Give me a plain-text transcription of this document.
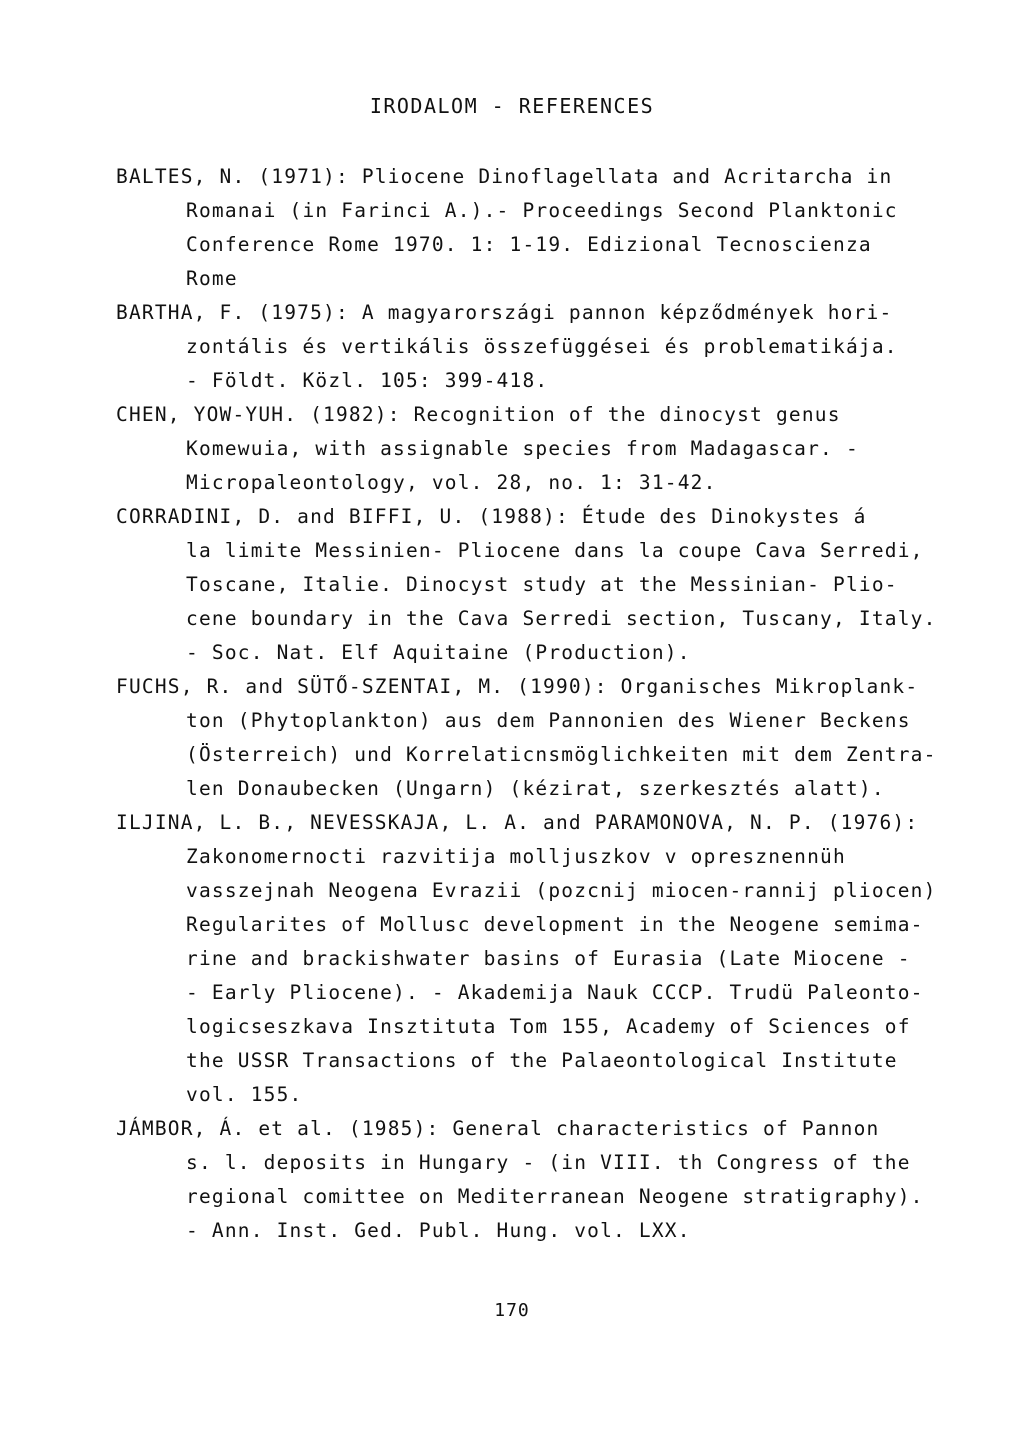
IRODALOM - REFERENCES
BALTES, N. (1971): Pliocene Dinoflagellata and Acritarcha in
Romanai (in Farinci A.).- Proceedings Second Planktonic
Conference Rome 1970. 1: 1-19. Edizional Tecnoscienza
Rome
BARTHA, F. (1975): A magyarországi pannon képződmények hori-
zontális és vertikális összefüggései és problematikája.
- Földt. Közl. 105: 399-418.
CHEN, YOW-YUH. (1982): Recognition of the dinocyst genus
Komewuia, with assignable species from Madagascar. -
Micropaleontology, vol. 28, no. 1: 31-42.
CORRADINI, D. and BIFFI, U. (1988): Étude des Dinokystes á
la limite Messinien- Pliocene dans la coupe Cava Serredi,
Toscane, Italie. Dinocyst study at the Messinian- Plio-
cene boundary in the Cava Serredi section, Tuscany, Italy.
- Soc. Nat. Elf Aquitaine (Production).
FUCHS, R. and SÜTŐ-SZENTAI, M. (1990): Organisches Mikroplank-
ton (Phytoplankton) aus dem Pannonien des Wiener Beckens
(Österreich) und Korrelaticnsmöglichkeiten mit dem Zentra-
len Donaubecken (Ungarn) (kézirat, szerkesztés alatt).
ILJINA, L. B., NEVESSKAJA, L. A. and PARAMONOVA, N. P. (1976):
Zakonomernocti razvitija molljuszkov v opresznennüh
vasszejnah Neogena Evrazii (pozcnij miocen-rannij pliocen)
Regularites of Mollusc development in the Neogene semima-
rine and brackishwater basins of Eurasia (Late Miocene -
- Early Pliocene). - Akademija Nauk CCCP. Trudü Paleonto-
logicseszkava Insztituta Tom 155, Academy of Sciences of
the USSR Transactions of the Palaeontological Institute
vol. 155.
JÁMBOR, Á. et al. (1985): General characteristics of Pannon
s. l. deposits in Hungary - (in VIII. th Congress of the
regional comittee on Mediterranean Neogene stratigraphy).
- Ann. Inst. Ged. Publ. Hung. vol. LXX.
170
